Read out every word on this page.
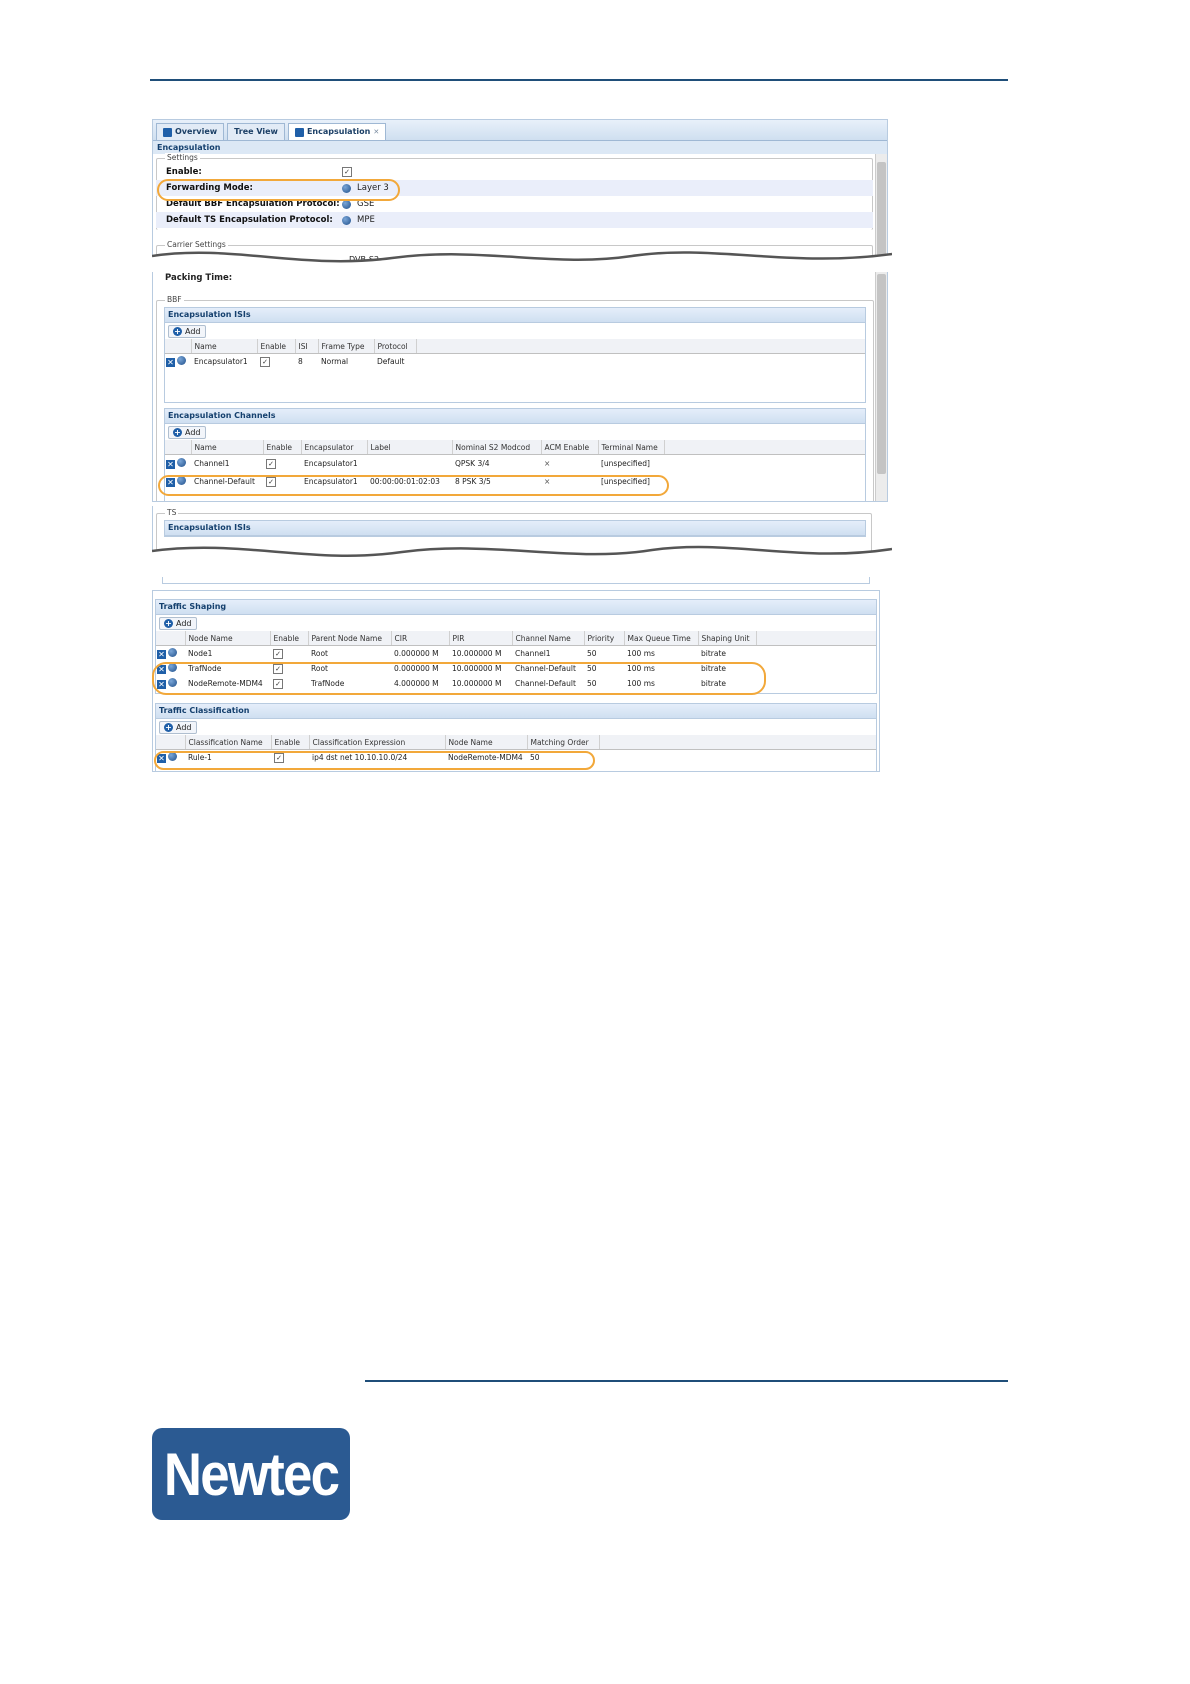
Overview Tree View	Encapsulation ✕
Encapsulation
Settings
Enable:	✓
Forwarding Mode:	Layer 3
Default BBF Encapsulation Protocol: GSE
Default TS Encapsulation Protocol:	MPE
Carrier Settings
DVB-S2
Packing Time:
BBF
Encapsulation ISIs
+ Add
	Name	Enable	ISI	Frame Type	Protocol	
✕	Encapsulator1	✓	8	Normal	Default	
Encapsulation Channels
+ Add
	Name	Enable	Encapsulator	Label	Nominal S2 Modcod	ACM Enable	Terminal Name	
✕	Channel1	✓	Encapsulator1		QPSK 3/4	×	[unspecified]	
✕	Channel-Default	✓	Encapsulator1	00:00:00:01:02:03	8 PSK 3/5	×	[unspecified]	
TS
Encapsulation ISIs
Traffic Shaping
+ Add
	Node Name	Enable	Parent Node Name	CIR	PIR	Channel Name	Priority	Max Queue Time	Shaping Unit	
✕	Node1	✓	Root	0.000000 M	10.000000 M	Channel1	50	100 ms	bitrate	
✕	TrafNode	✓	Root	0.000000 M	10.000000 M	Channel-Default	50	100 ms	bitrate	
✕	NodeRemote-MDM4	✓	TrafNode	4.000000 M	10.000000 M	Channel-Default	50	100 ms	bitrate	
Traffic Classification
+ Add
	Classification Name	Enable	Classification Expression	Node Name	Matching Order	
✕	Rule-1	✓	ip4 dst net 10.10.10.0/24	NodeRemote-MDM4	50	
Newtec
